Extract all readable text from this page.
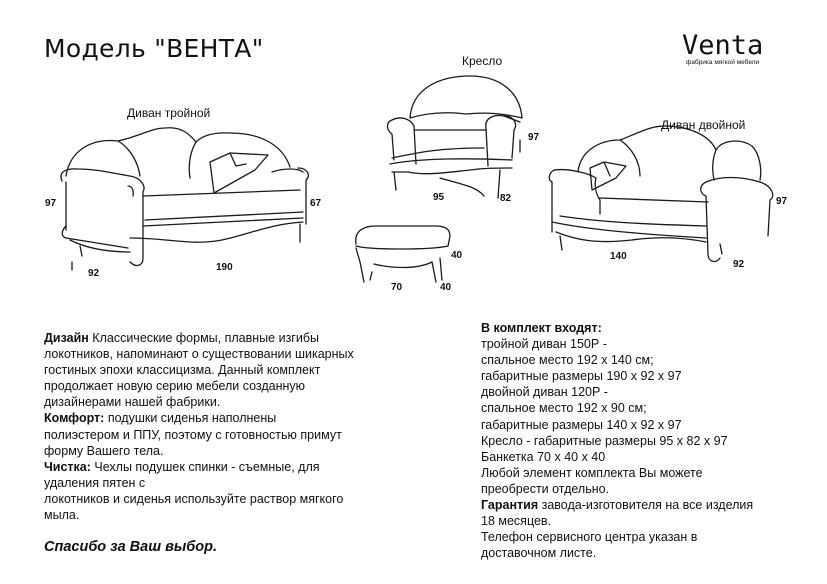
Модель "ВЕНТА"	Venta
фабрика мягкой мебели
Диван тройной
Кресло
Диван двойной
97	67
92
190
97
95	82
40
70	40
97
140
92
Дизайн Классические формы, плавные изгибы
локотников, напоминают о существовании шикарных
гостиных эпохи классицизма. Данный комплект
продолжает новую серию мебели созданную
дизайнерами нашей фабрики.
Комфорт: подушки сиденья наполнены
полиэстером и ППУ, поэтому с готовностью примут
форму Вашего тела.
Чистка: Чехлы подушек спинки - съемные, для
удаления пятен с
локотников и сиденья используйте раствор мягкого
мыла.
В комплект входят:
тройной диван 150Р -
спальное место 192 х 140 см;
габаритные размеры 190 х 92 х 97
двойной диван 120Р -
спальное место 192 х 90 см;
габаритные размеры 140 х 92 х 97
Кресло - габаритные размеры 95 х 82 х 97
Банкетка 70 х 40 х 40
Любой элемент комплекта Вы можете
преобрести отдельно.
Гарантия завода-изготовителя на все изделия
18 месяцев.
Телефон сервисного центра указан в
доставочном листе.
Спасибо за Ваш выбор.
